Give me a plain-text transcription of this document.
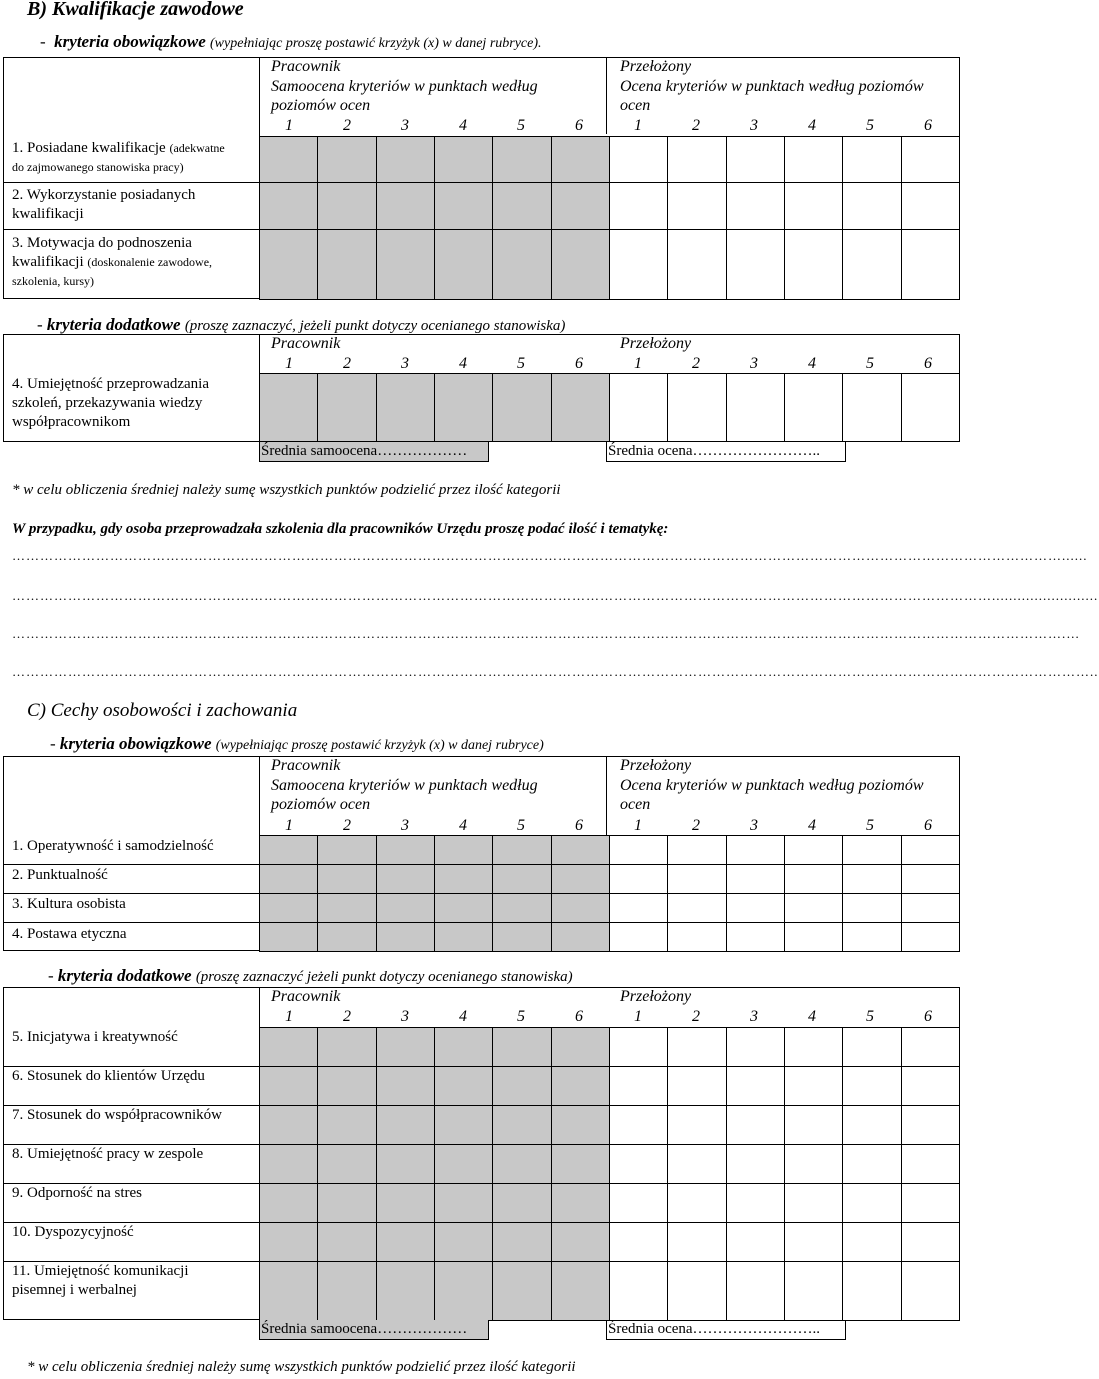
B) Kwalifikacje zawodowe
- kryteria obowiązkowe (wypełniając proszę postawić krzyżyk (x) w danej rubryce).
Pracownik
Samoocena kryteriów w punktach według
poziomów ocen
Przełożony
Ocena kryteriów w punktach według poziomów
ocen
1	2	3	4	5	6	1	2	3	4	5	6

1. Posiadane kwalifikacje (adekwatne
do zajmowanego stanowiska pracy)
2. Wykorzystanie posiadanych
kwalifikacji
3. Motywacja do podnoszenia
kwalifikacji (doskonalenie zawodowe,
szkolenia, kursy)
- kryteria dodatkowe (proszę zaznaczyć, jeżeli punkt dotyczy ocenianego stanowiska)
Pracownik	Przełożony
1	2	3	4	5	6	1	2	3	4	5	6

4. Umiejętność przeprowadzania
szkoleń, przekazywania wiedzy
współpracownikom
Średnia samoocena………………	Średnia ocena……………………..
* w celu obliczenia średniej należy sumę wszystkich punktów podzielić przez ilość kategorii
W przypadku, gdy osoba przeprowadzała szkolenia dla pracowników Urzędu proszę podać ilość i tematykę:
………………………………………………………………………………………………………………………………………………………………………………………………………......
………………………………………………………………………………………………………………………………………………………………………………………….........................
……………………………………………………………………………………………………………………………………………………………………………………………………….…
……………………………………………………………………………………………………………………………………………………………………………………………………………..
C) Cechy osobowości i zachowania
- kryteria obowiązkowe (wypełniając proszę postawić krzyżyk (x) w danej rubryce)
Pracownik
Samoocena kryteriów w punktach według
poziomów ocen
Przełożony
Ocena kryteriów w punktach według poziomów
ocen
1	2	3	4	5	6	1	2	3	4	5	6

1. Operatywność i samodzielność
2. Punktualność
3. Kultura osobista
4. Postawa etyczna
- kryteria dodatkowe (proszę zaznaczyć jeżeli punkt dotyczy ocenianego stanowiska)
Pracownik	Przełożony
1	2	3	4	5	6	1	2	3	4	5	6

5. Inicjatywa i kreatywność
6. Stosunek do klientów Urzędu
7. Stosunek do współpracowników
8. Umiejętność pracy w zespole
9. Odporność na stres
10. Dyspozycyjność
11. Umiejętność komunikacji
pisemnej i werbalnej
Średnia samoocena………………	Średnia ocena……………………..
* w celu obliczenia średniej należy sumę wszystkich punktów podzielić przez ilość kategorii
